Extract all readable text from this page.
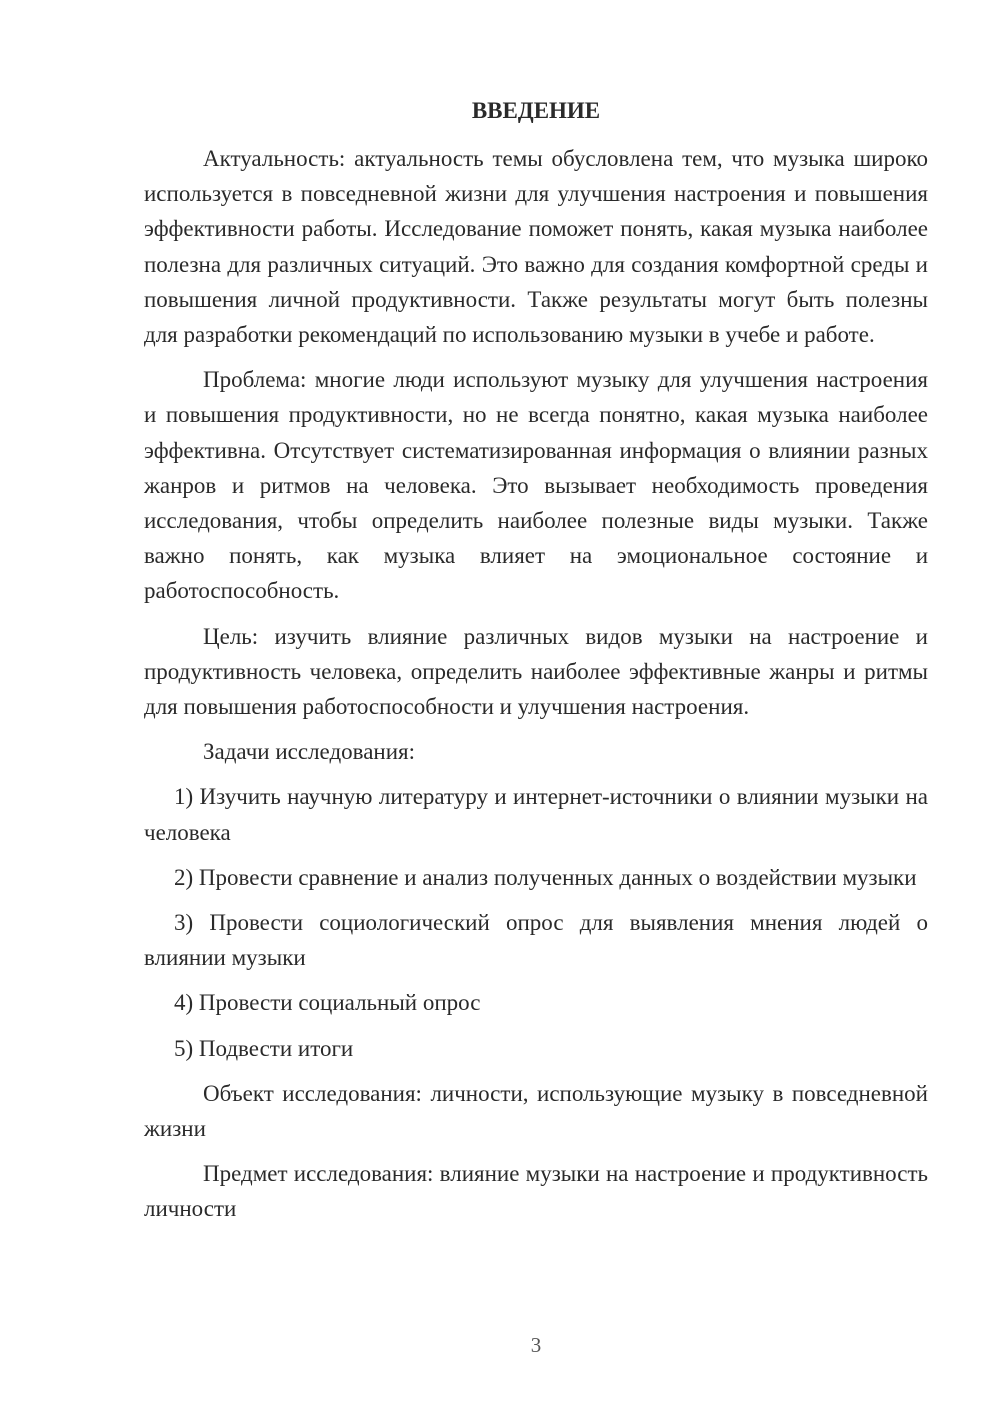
ВВЕДЕНИЕ

Актуальность: актуальность темы обусловлена тем, что музыка широко используется в повседневной жизни для улучшения настроения и повышения эффективности работы. Исследование поможет понять, какая музыка наиболее полезна для различных ситуаций. Это важно для создания комфортной среды и повышения личной продуктивности. Также результаты могут быть полезны для разработки рекомендаций по использованию музыки в учебе и работе.

Проблема: многие люди используют музыку для улучшения настроения и повышения продуктивности, но не всегда понятно, какая музыка наиболее эффективна. Отсутствует систематизированная информация о влиянии разных жанров и ритмов на человека. Это вызывает необходимость проведения исследования, чтобы определить наиболее полезные виды музыки. Также важно понять, как музыка влияет на эмоциональное состояние и работоспособность.

Цель: изучить влияние различных видов музыки на настроение и продуктивность человека, определить наиболее эффективные жанры и ритмы для повышения работоспособности и улучшения настроения.

Задачи исследования:

1) Изучить научную литературу и интернет-источники о влиянии музыки на человека

2) Провести сравнение и анализ полученных данных о воздействии музыки

3) Провести социологический опрос для выявления мнения людей о влиянии музыки

4) Провести социальный опрос

5) Подвести итоги

Объект исследования: личности, использующие музыку в повседневной жизни

Предмет исследования: влияние музыки на настроение и продуктивность личности

3
